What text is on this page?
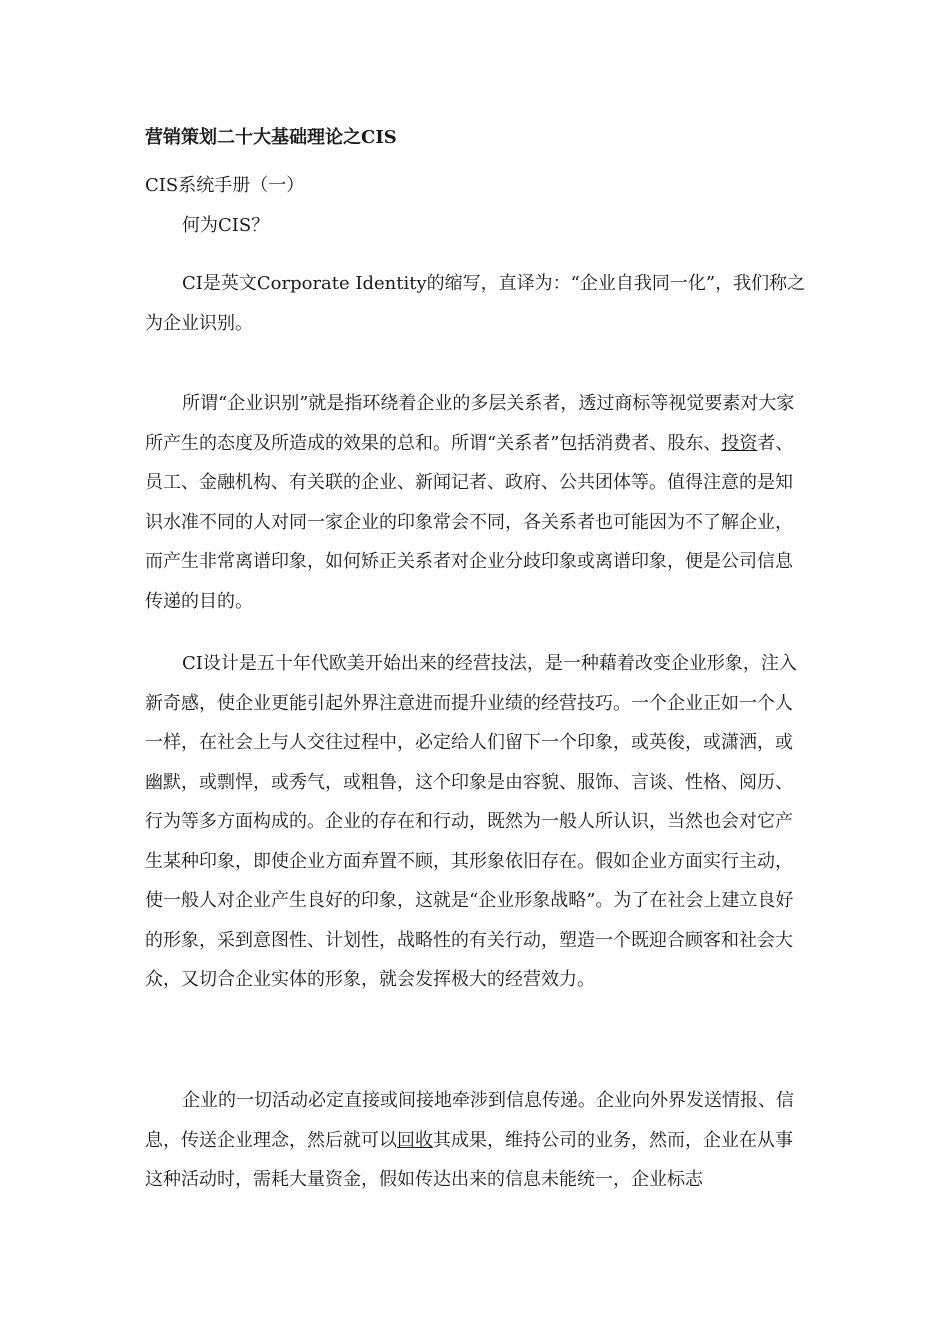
营销策划二十大基础理论之CIS

CIS系统手册（一）

何为CIS？

CI是英文Corporate Identity的缩写，直译为：“企业自我同一化”，我们称之为企业识别。

所谓“企业识别”就是指环绕着企业的多层关系者，透过商标等视觉要素对大家所产生的态度及所造成的效果的总和。所谓“关系者”包括消费者、股东、投资者、员工、金融机构、有关联的企业、新闻记者、政府、公共团体等。值得注意的是知识水准不同的人对同一家企业的印象常会不同，各关系者也可能因为不了解企业，而产生非常离谱印象，如何矫正关系者对企业分歧印象或离谱印象，便是公司信息传递的目的。

CI设计是五十年代欧美开始出来的经营技法，是一种藉着改变企业形象，注入新奇感，使企业更能引起外界注意进而提升业绩的经营技巧。一个企业正如一个人一样，在社会上与人交往过程中，必定给人们留下一个印象，或英俊，或潇洒，或幽默，或剽悍，或秀气，或粗鲁，这个印象是由容貌、服饰、言谈、性格、阅历、行为等多方面构成的。企业的存在和行动，既然为一般人所认识，当然也会对它产生某种印象，即使企业方面弃置不顾，其形象依旧存在。假如企业方面实行主动，使一般人对企业产生良好的印象，这就是“企业形象战略”。为了在社会上建立良好的形象，采到意图性、计划性，战略性的有关行动，塑造一个既迎合顾客和社会大众，又切合企业实体的形象，就会发挥极大的经营效力。

企业的一切活动必定直接或间接地牵涉到信息传递。企业向外界发送情报、信息，传送企业理念，然后就可以回收其成果，维持公司的业务，然而，企业在从事这种活动时，需耗大量资金，假如传达出来的信息未能统一，企业标志
